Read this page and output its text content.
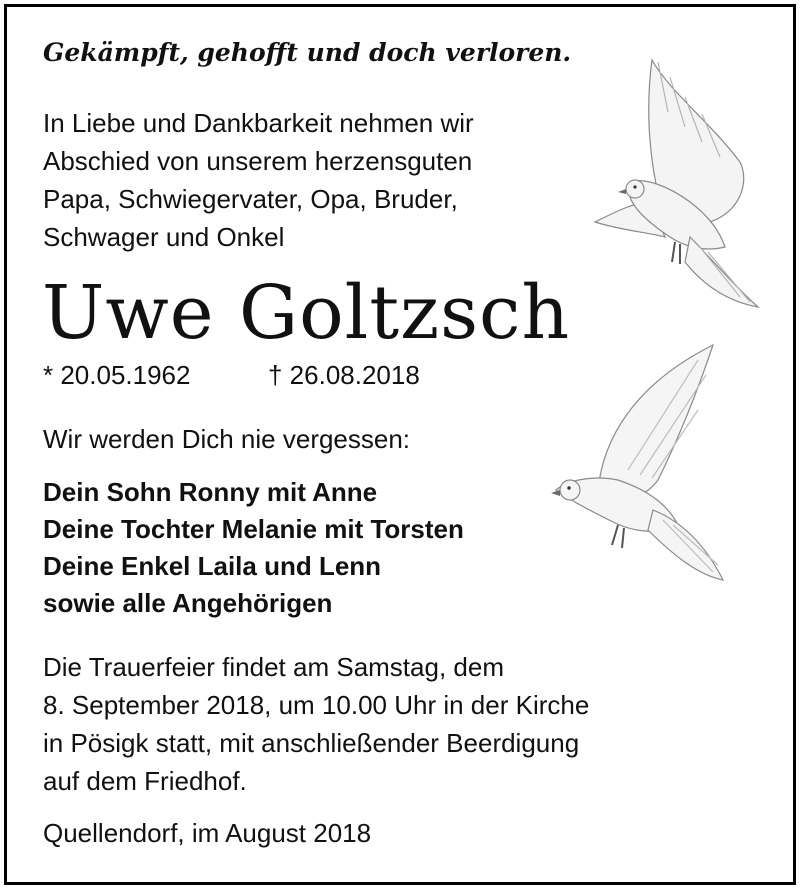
Gekämpft, gehofft und doch verloren.
In Liebe und Dankbarkeit nehmen wir
Abschied von unserem herzensguten
Papa, Schwiegervater, Opa, Bruder,
Schwager und Onkel
Uwe Goltzsch
* 20.05.1962	† 26.08.2018
Wir werden Dich nie vergessen:
Dein Sohn Ronny mit Anne
Deine Tochter Melanie mit Torsten
Deine Enkel Laila und Lenn
sowie alle Angehörigen
Die Trauerfeier findet am Samstag, dem
8. September 2018, um 10.00 Uhr in der Kirche
in Pösigk statt, mit anschließender Beerdigung
auf dem Friedhof.
Quellendorf, im August 2018
